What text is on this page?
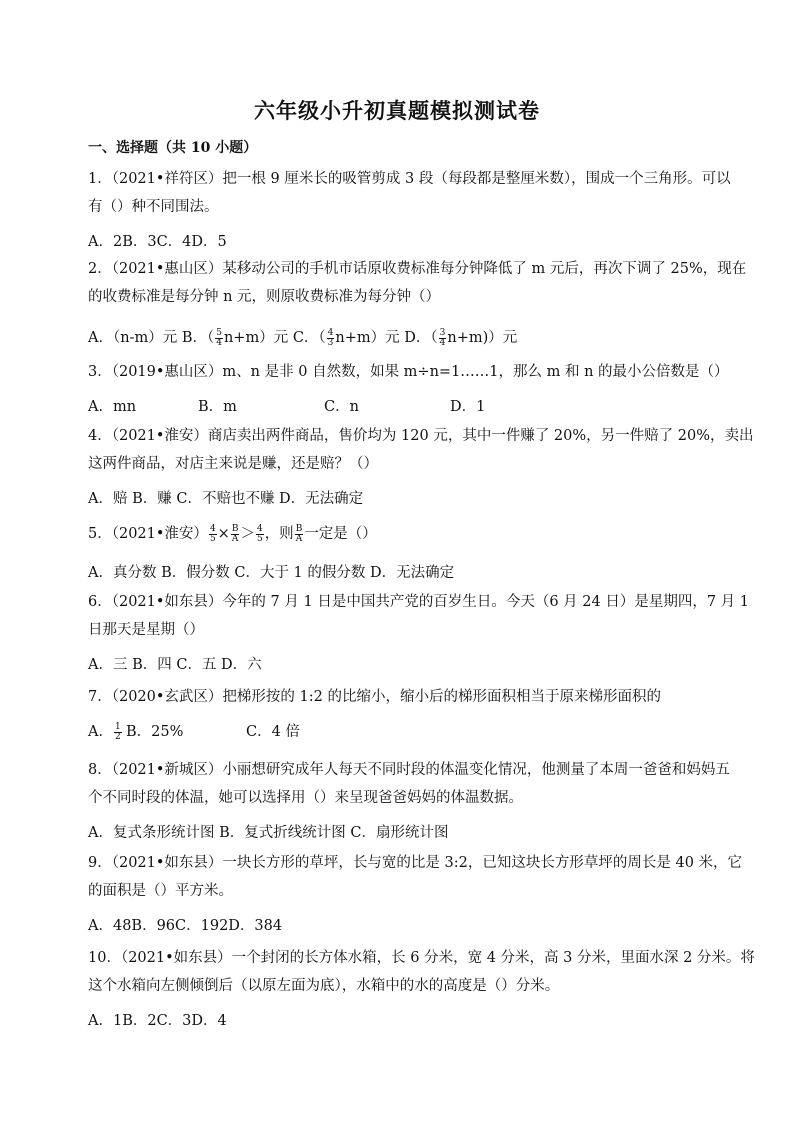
六年级小升初真题模拟测试卷
一、选择题（共 10 小题）
1．（2021•祥符区）把一根 9 厘米长的吸管剪成 3 段（每段都是整厘米数），围成一个三角形。可以
有（）种不同围法。
A．2B．3C．4D．5
2．（2021•惠山区）某移动公司的手机市话原收费标准每分钟降低了 m 元后，再次下调了 25%，现在
的收费标准是每分钟 n 元，则原收费标准为每分钟（）
A．（n-m）元 B．（ $\frac{5}{4} n+m$）元 C．（ $\frac{4}{3} n+m$）元 D．（ $\frac{3}{4} n+m$)）元
3．（2019•惠山区）m、n 是非 0 自然数，如果 m÷n=1……1，那么 m 和 n 的最小公倍数是（）
A．mn	B．m	C．n	D．1
4．（2021•淮安）商店卖出两件商品，售价均为 120 元，其中一件赚了 20%，另一件赔了 20%，卖出
这两件商品，对店主来说是赚，还是赔？（）
A．赔 B．赚 C．不赔也不赚 D．无法确定
5．（2021•淮安） $\frac{4}{5} \times \frac{B}{A} > \frac{4}{5}$ ，则 $\frac{B}{A}$ 一定是（）
A．真分数 B．假分数 C．大于 1 的假分数 D．无法确定
6．（2021•如东县）今年的 7 月 1 日是中国共产党的百岁生日。今天（6 月 24 日）是星期四，7 月 1
日那天是星期（）
A．三 B．四 C．五 D．六
7．（2020•玄武区）把梯形按的 1:2 的比缩小，缩小后的梯形面积相当于原来梯形面积的
A． $\frac{1}{2}$ B．25%	C．4 倍
8．（2021•新城区）小丽想研究成年人每天不同时段的体温变化情况，他测量了本周一爸爸和妈妈五
个不同时段的体温，她可以选择用（）来呈现爸爸妈妈的体温数据。
A．复式条形统计图 B．复式折线统计图 C．扇形统计图
9．（2021•如东县）一块长方形的草坪，长与宽的比是 3:2，已知这块长方形草坪的周长是 40 米，它
的面积是（）平方米。
A．48B．96C．192D．384
10．（2021•如东县）一个封闭的长方体水箱，长 6 分米，宽 4 分米，高 3 分米，里面水深 2 分米。将
这个水箱向左侧倾倒后（以原左面为底），水箱中的水的高度是（）分米。
A．1B．2C．3D．4
